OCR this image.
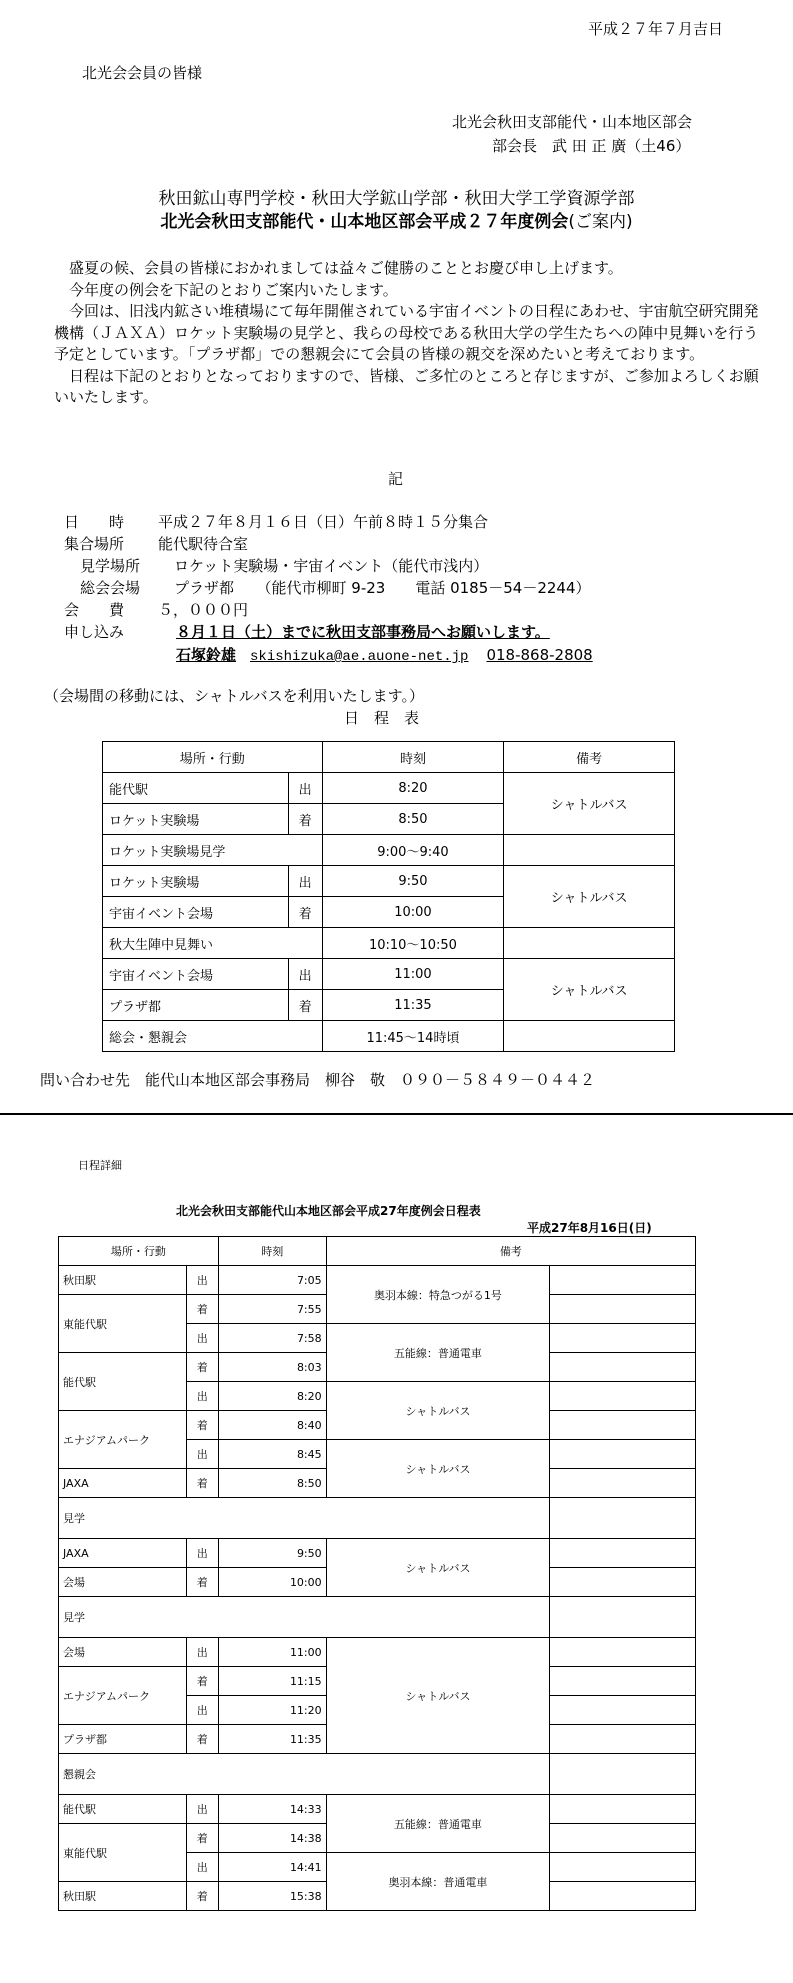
平成２７年７月吉日
北光会会員の皆様
北光会秋田支部能代・山本地区部会
部会長　武 田 正 廣（土46）
秋田鉱山専門学校・秋田大学鉱山学部・秋田大学工学資源学部
北光会秋田支部能代・山本地区部会平成２７年度例会(ご案内)

盛夏の候、会員の皆様におかれましては益々ご健勝のこととお慶び申し上げます。

今年度の例会を下記のとおりご案内いたします。

今回は、旧浅内鉱さい堆積場にて毎年開催されている宇宙イベントの日程にあわせ、宇宙航空研究開発機構（ＪＡＸＡ）ロケット実験場の見学と、我らの母校である秋田大学の学生たちへの陣中見舞いを行う予定としています。「プラザ都」での懇親会にて会員の皆様の親交を深めたいと考えております。

日程は下記のとおりとなっておりますので、皆様、ご多忙のところと存じますが、ご参加よろしくお願いいたします。

記
日　　時 平成２７年８月１６日（日）午前８時１５分集合
集合場所 能代駅待合室
見学場所 ロケット実験場・宇宙イベント（能代市浅内）
総会会場 プラザ都　　（能代市柳町 9-23　　電話 0185－54－2244）
会　　費 ５，０００円
申し込み	８月１日（土）までに秋田支部事務局へお願いします。
石塚鈴雄 skishizuka@ae.auone-net.jp 018-868-2808
（会場間の移動には、シャトルバスを利用いたします。）
日　程　表
場所・行動		時刻	備考
能代駅	出	8:20	シャトルバス
ロケット実験場	着	8:50	
ロケット実験場見学		9:00～9:40	
ロケット実験場	出	9:50	シャトルバス
宇宙イベント会場	着	10:00	
秋大生陣中見舞い		10:10～10:50	
宇宙イベント会場	出	11:00	シャトルバス
プラザ都	着	11:35	
総会・懇親会		11:45～14時頃	
問い合わせ先　能代山本地区部会事務局　柳谷　敬　０９０－５８４９－０４４２
日程詳細
北光会秋田支部能代山本地区部会平成27年度例会日程表
平成27年8月16日(日)
場所・行動		時刻	備考	
秋田駅	出	7:05	奥羽本線：特急つがる1号	
東能代駅	着	7:55		
	出	7:58	五能線：普通電車	
能代駅	着	8:03		
	出	8:20	シャトルバス	
エナジアムパーク	着	8:40		
	出	8:45	シャトルバス	
JAXA	着	8:50		
見学				
JAXA	出	9:50	シャトルバス	
会場	着	10:00		
見学				
会場	出	11:00	シャトルバス	
エナジアムパーク	着	11:15		
	出	11:20		
プラザ都	着	11:35		
懇親会				
能代駅	出	14:33	五能線：普通電車	
東能代駅	着	14:38		
	出	14:41	奥羽本線：普通電車	
秋田駅	着	15:38		
